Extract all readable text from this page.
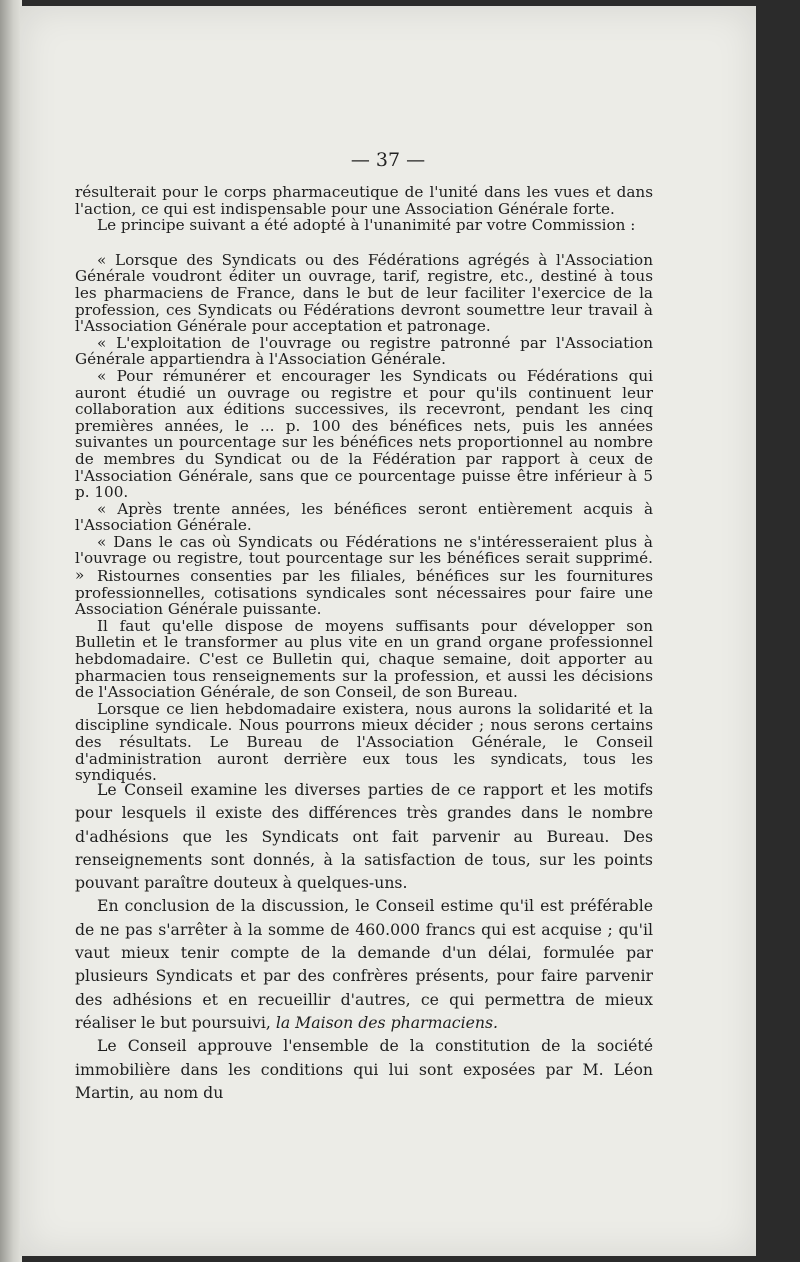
— 37 —

résulterait pour le corps pharmaceutique de l'unité dans les vues et dans l'action, ce qui est indispensable pour une Association Générale forte.

Le principe suivant a été adopté à l'unanimité par votre Commission :

« Lorsque des Syndicats ou des Fédérations agrégés à l'Association Générale voudront éditer un ouvrage, tarif, registre, etc., destiné à tous les pharmaciens de France, dans le but de leur faciliter l'exercice de la profession, ces Syndicats ou Fédérations devront soumettre leur travail à l'Association Générale pour acceptation et patronage.

« L'exploitation de l'ouvrage ou registre patronné par l'Association Générale appartiendra à l'Association Générale.

« Pour rémunérer et encourager les Syndicats ou Fédérations qui auront étudié un ouvrage ou registre et pour qu'ils continuent leur collaboration aux éditions successives, ils recevront, pendant les cinq premières années, le ... p. 100 des bénéfices nets, puis les années suivantes un pourcentage sur les bénéfices nets proportionnel au nombre de membres du Syndicat ou de la Fédération par rapport à ceux de l'Association Générale, sans que ce pourcentage puisse être inférieur à 5 p. 100.

« Après trente années, les bénéfices seront entièrement acquis à l'Association Générale.

« Dans le cas où Syndicats ou Fédérations ne s'intéresseraient plus à l'ouvrage ou registre, tout pourcentage sur les bénéfices serait supprimé. » Ristournes consenties par les filiales, bénéfices sur les fournitures professionnelles, cotisations syndicales sont nécessaires pour faire une Association Générale puissante.

Il faut qu'elle dispose de moyens suffisants pour développer son Bulletin et le transformer au plus vite en un grand organe professionnel hebdomadaire. C'est ce Bulletin qui, chaque semaine, doit apporter au pharmacien tous renseignements sur la profession, et aussi les décisions de l'Association Générale, de son Conseil, de son Bureau.

Lorsque ce lien hebdomadaire existera, nous aurons la solidarité et la discipline syndicale. Nous pourrons mieux décider ; nous serons certains des résultats. Le Bureau de l'Association Générale, le Conseil d'administration auront derrière eux tous les syndicats, tous les syndiqués.

Le Conseil examine les diverses parties de ce rapport et les motifs pour lesquels il existe des différences très grandes dans le nombre d'adhésions que les Syndicats ont fait parvenir au Bureau. Des renseignements sont donnés, à la satisfaction de tous, sur les points pouvant paraître douteux à quelques-uns.

En conclusion de la discussion, le Conseil estime qu'il est préférable de ne pas s'arrêter à la somme de 460.000 francs qui est acquise ; qu'il vaut mieux tenir compte de la demande d'un délai, formulée par plusieurs Syndicats et par des confrères présents, pour faire parvenir des adhésions et en recueillir d'autres, ce qui permettra de mieux réaliser le but poursuivi, la Maison des pharmaciens.

Le Conseil approuve l'ensemble de la constitution de la société immobilière dans les conditions qui lui sont exposées par M. Léon Martin, au nom du
